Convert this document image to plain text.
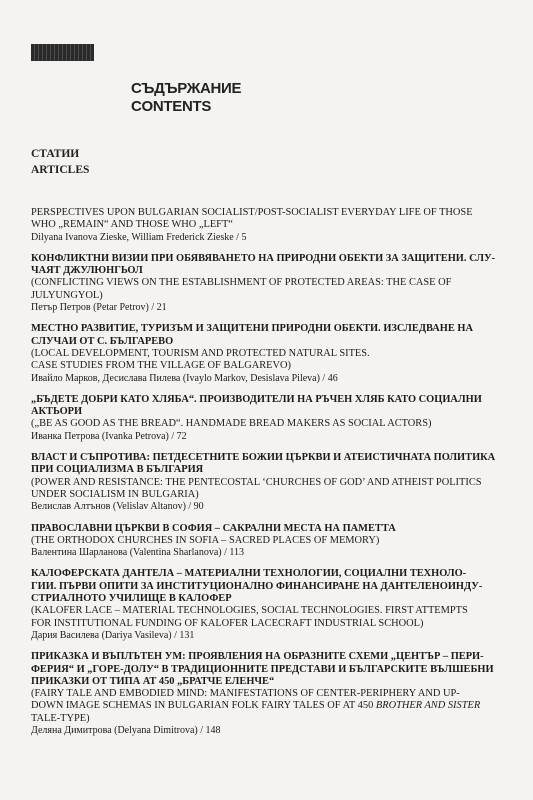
СЪДЪРЖАНИЕ
CONTENTS
СТАТИИ
ARTICLES
PERSPECTIVES UPON BULGARIAN SOCIALIST/POST-SOCIALIST EVERYDAY LIFE OF THOSE
WHO „REMAIN“ AND THOSE WHO „LEFT“
Dilyana Ivanova Zieske, William Frederick Zieske / 5
КОНФЛИКТНИ ВИЗИИ ПРИ ОБЯВЯВАНЕТО НА ПРИРОДНИ ОБЕКТИ ЗА ЗАЩИТЕНИ. СЛУ-
ЧАЯТ ДЖУЛЮНГЬОЛ
(CONFLICTING VIEWS ON THE ESTABLISHMENT OF PROTECTED AREAS: THE CASE OF
JULYUNGYOL)
Петър Петров (Petar Petrov) / 21
МЕСТНО РАЗВИТИЕ, ТУРИЗЪМ И ЗАЩИТЕНИ ПРИРОДНИ ОБЕКТИ. ИЗСЛЕДВАНЕ НА
СЛУЧАИ ОТ С. БЪЛГАРЕВО
(LOCAL DEVELOPMENT, TOURISM AND PROTECTED NATURAL SITES.
CASE STUDIES FROM THE VILLAGE OF BALGAREVO)
Ивайло Марков, Десислава Пилева (Ivaylo Markov, Desislava Pileva) / 46
„БЪДЕТЕ ДОБРИ КАТО ХЛЯБА“. ПРОИЗВОДИТЕЛИ НА РЪЧЕН ХЛЯБ КАТО СОЦИАЛНИ
АКТЬОРИ
(„BE AS GOOD AS THE BREAD“. HANDMADE BREAD MAKERS AS SOCIAL ACTORS)
Иванка Петрова (Ivanka Petrova) / 72
ВЛАСТ И СЪПРОТИВА: ПЕТДЕСЕТНИТЕ БОЖИИ ЦЪРКВИ И АТЕИСТИЧНАТА ПОЛИТИКА
ПРИ СОЦИАЛИЗМА В БЪЛГАРИЯ
(POWER AND RESISTANCE: THE PENTECOSTAL ‘CHURCHES OF GOD’ AND ATHEIST POLITICS
UNDER SOCIALISM IN BULGARIA)
Велислав Алтънов (Velislav Altanov) / 90
ПРАВОСЛАВНИ ЦЪРКВИ В СОФИЯ – САКРАЛНИ МЕСТА НА ПАМЕТТА
(THE ORTHODOX CHURCHES IN SOFIA – SACRED PLACES OF MEMORY)
Валентина Шарланова (Valentina Sharlanova) / 113
КАЛОФЕРСКАТА ДАНТЕЛА – МАТЕРИАЛНИ ТЕХНОЛОГИИ, СОЦИАЛНИ ТЕХНОЛО-
ГИИ. ПЪРВИ ОПИТИ ЗА ИНСТИТУЦИОНАЛНО ФИНАНСИРАНЕ НА ДАНТЕЛЕНОИНДУ-
СТРИАЛНОТО УЧИЛИЩЕ В КАЛОФЕР
(KALOFER LACE – MATERIAL TECHNOLOGIES, SOCIAL TECHNOLOGIES. FIRST ATTEMPTS
FOR INSTITUTIONAL FUNDING OF KALOFER LACECRAFT INDUSTRIAL SCHOOL)
Дария Василева (Dariya Vasileva) / 131
ПРИКАЗКА И ВЪПЛЪТЕН УМ: ПРОЯВЛЕНИЯ НА ОБРАЗНИТЕ СХЕМИ „ЦЕНТЪР – ПЕРИ-
ФЕРИЯ“ И „ГОРЕ-ДОЛУ“ В ТРАДИЦИОННИТЕ ПРЕДСТАВИ И БЪЛГАРСКИТЕ ВЪЛШЕБНИ
ПРИКАЗКИ ОТ ТИПА АТ 450 „БРАТЧЕ ЕЛЕНЧЕ“
(FAIRY TALE AND EMBODIED MIND: MANIFESTATIONS OF CENTER-PERIPHERY AND UP-
DOWN IMAGE SCHEMAS IN BULGARIAN FOLK FAIRY TALES OF AT 450 BROTHER AND SISTER
TALE-TYPE)
Деляна Димитрова (Delyana Dimitrova) / 148
